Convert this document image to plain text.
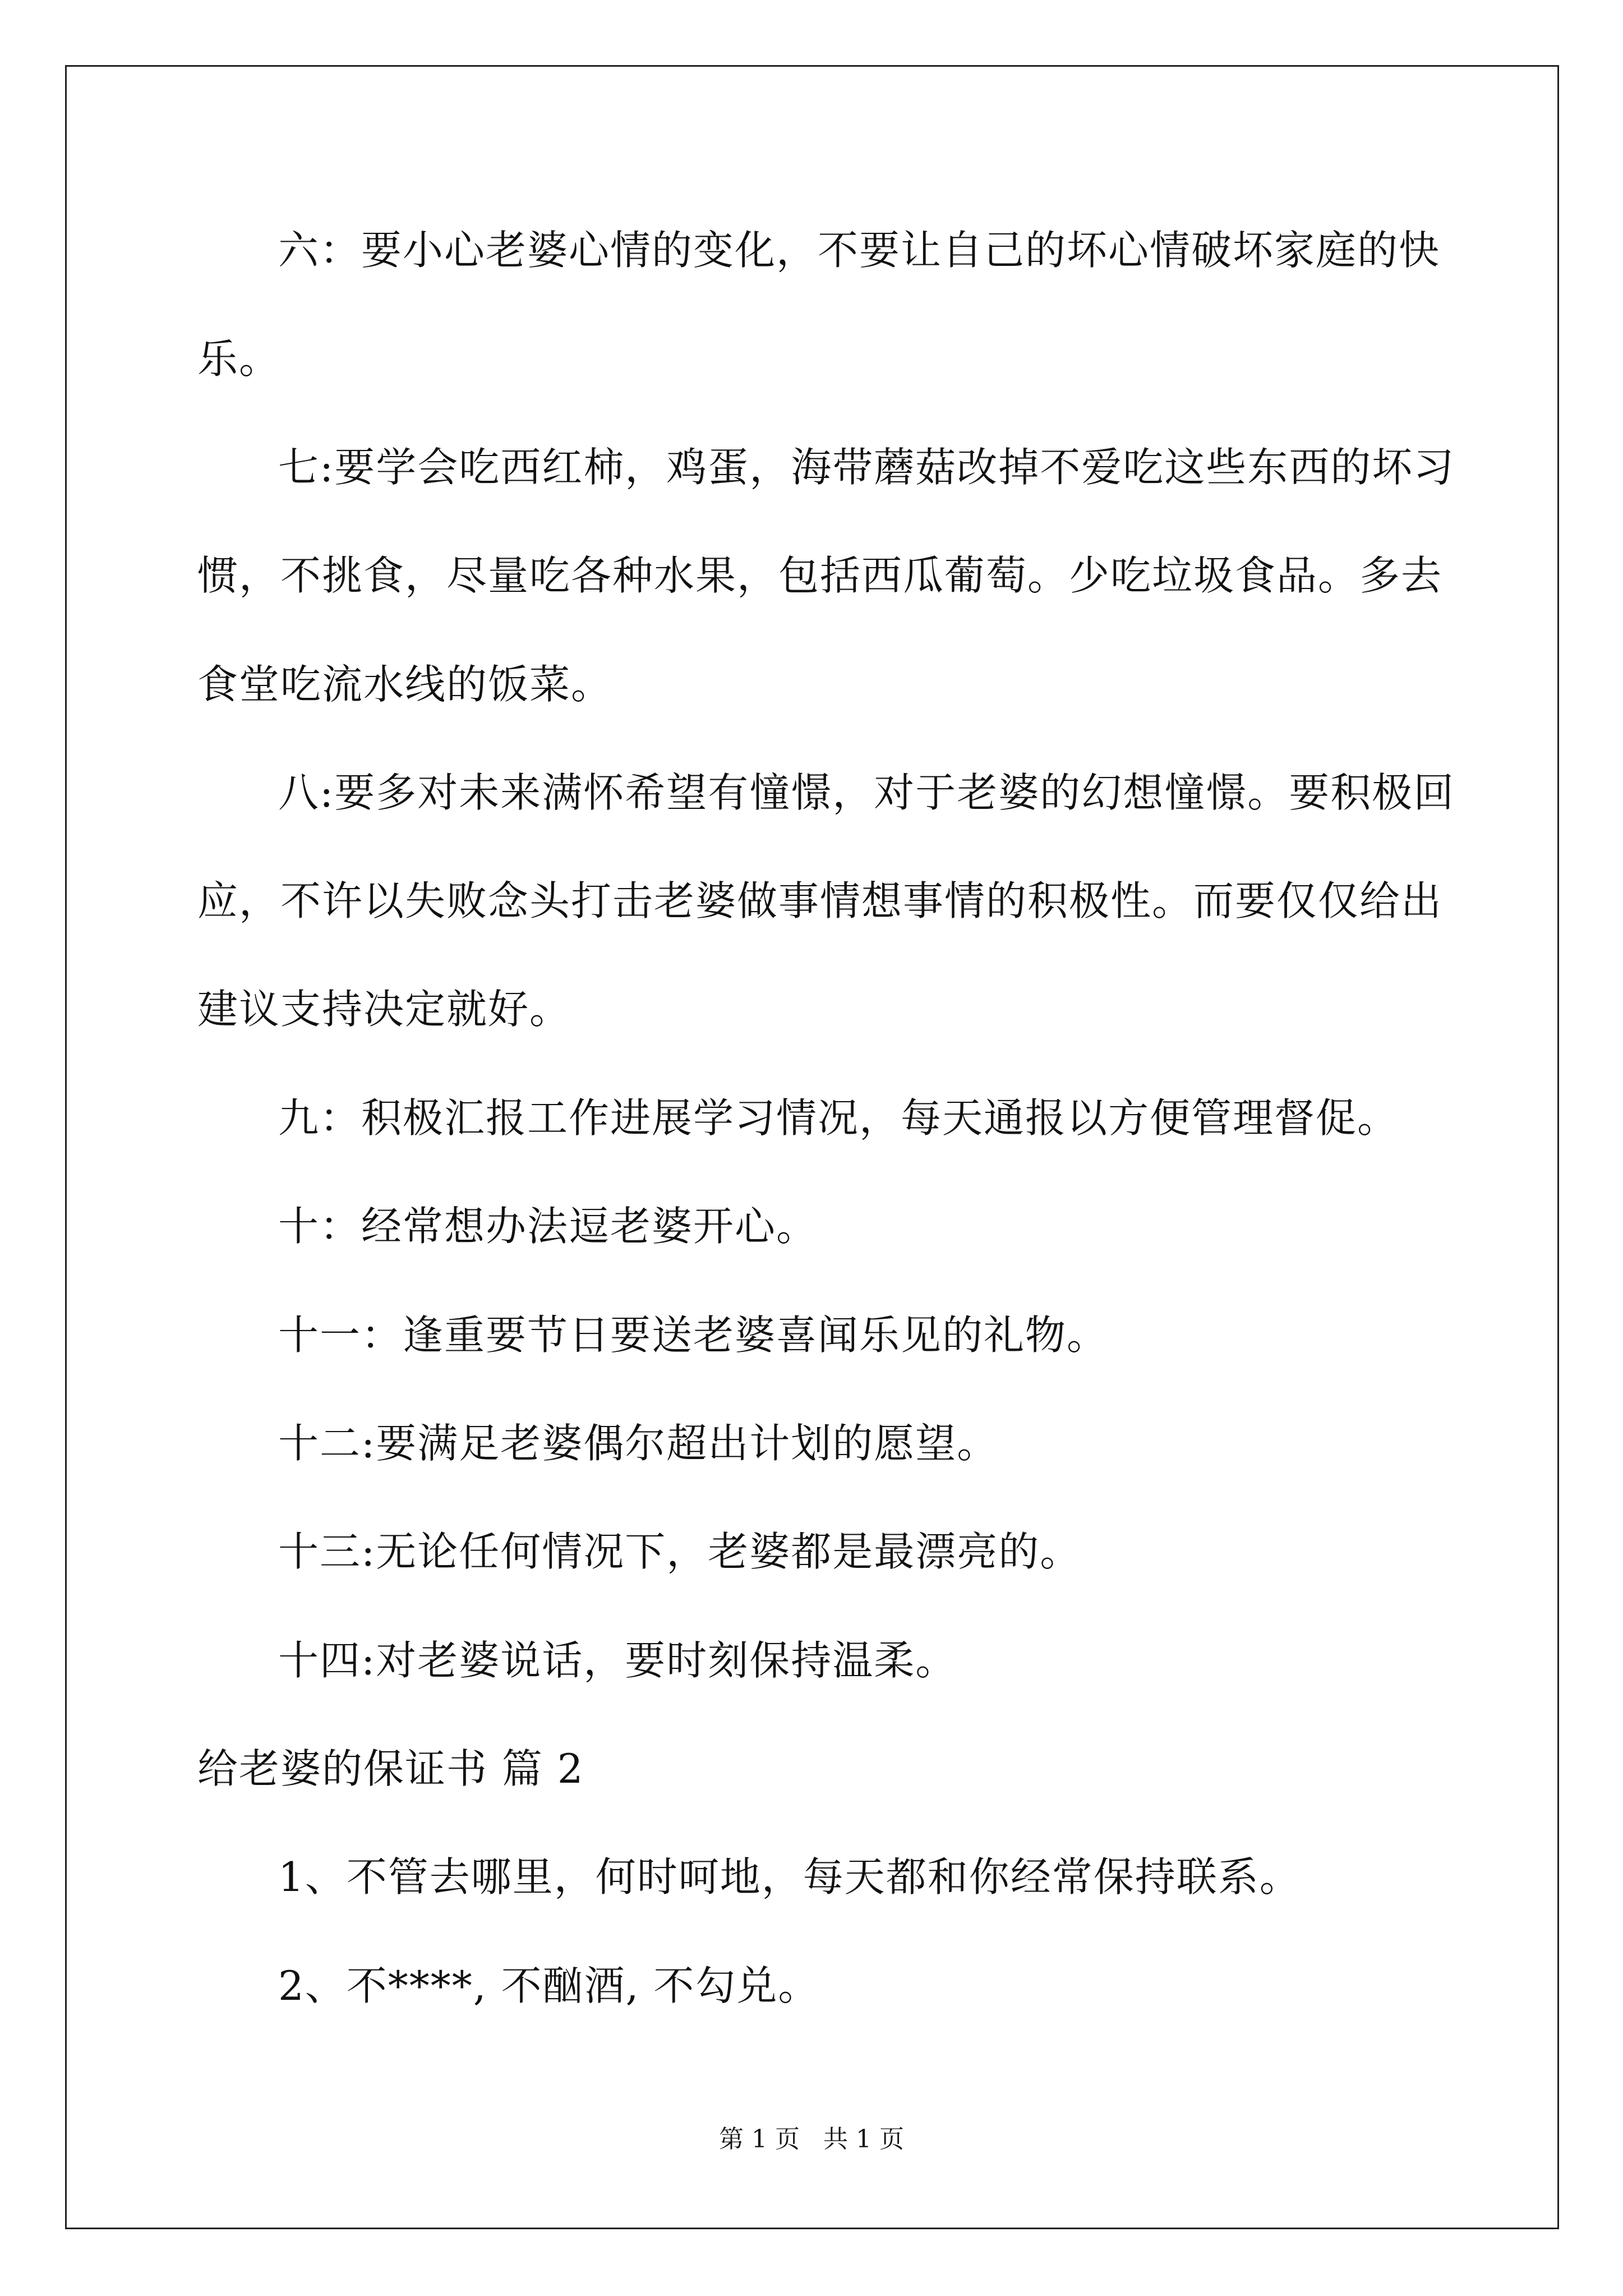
六：要小心老婆心情的变化，不要让自己的坏心情破坏家庭的快
乐。
七:要学会吃西红柿，鸡蛋，海带蘑菇改掉不爱吃这些东西的坏习
惯，不挑食，尽量吃各种水果，包括西瓜葡萄。少吃垃圾食品。多去
食堂吃流水线的饭菜。
八:要多对未来满怀希望有憧憬，对于老婆的幻想憧憬。要积极回
应，不许以失败念头打击老婆做事情想事情的积极性。而要仅仅给出
建议支持决定就好。
九：积极汇报工作进展学习情况，每天通报以方便管理督促。
十：经常想办法逗老婆开心。
十一：逢重要节日要送老婆喜闻乐见的礼物。
十二:要满足老婆偶尔超出计划的愿望。
十三:无论任何情况下，老婆都是最漂亮的。
十四:对老婆说话，要时刻保持温柔。
给老婆的保证书 篇 2
1、不管去哪里，何时呵地，每天都和你经常保持联系。
2、不****, 不酗酒, 不勾兑。
第 1 页 共 1 页
